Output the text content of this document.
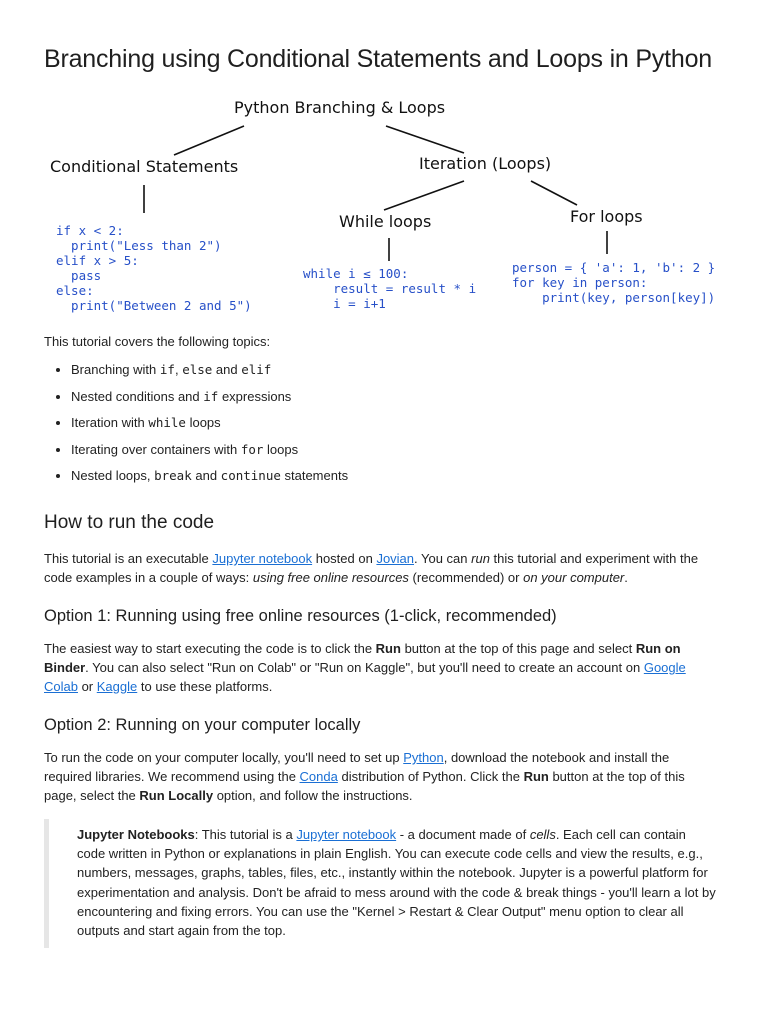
Branching using Conditional Statements and Loops in Python
Python Branching & Loops
Conditional Statements	Iteration (Loops)
While loops	For loops
if x < 2:
print("Less than 2")
elif x > 5:
pass
else:
print("Between 2 and 5")
while i ≤ 100:
result = result * i
i = i+1
person = { 'a': 1, 'b': 2 }
for key in person:
print(key, person[key])

This tutorial covers the following topics:

• Branching with if, else and elif
• Nested conditions and if expressions
• Iteration with while loops
• Iterating over containers with for loops
• Nested loops, break and continue statements
How to run the code

This tutorial is an executable Jupyter notebook hosted on Jovian. You can run this tutorial and experiment with the code examples in a couple of ways: using free online resources (recommended) or on your computer.

Option 1: Running using free online resources (1-click, recommended)

The easiest way to start executing the code is to click the Run button at the top of this page and select Run on Binder. You can also select "Run on Colab" or "Run on Kaggle", but you'll need to create an account on Google Colab or Kaggle to use these platforms.

Option 2: Running on your computer locally

To run the code on your computer locally, you'll need to set up Python, download the notebook and install the required libraries. We recommend using the Conda distribution of Python. Click the Run button at the top of this page, select the Run Locally option, and follow the instructions.

Jupyter Notebooks: This tutorial is a Jupyter notebook - a document made of cells. Each cell can contain code written in Python or explanations in plain English. You can execute code cells and view the results, e.g., numbers, messages, graphs, tables, files, etc., instantly within the notebook. Jupyter is a powerful platform for experimentation and analysis. Don't be afraid to mess around with the code & break things - you'll learn a lot by encountering and fixing errors. You can use the "Kernel > Restart & Clear Output" menu option to clear all outputs and start again from the top.
